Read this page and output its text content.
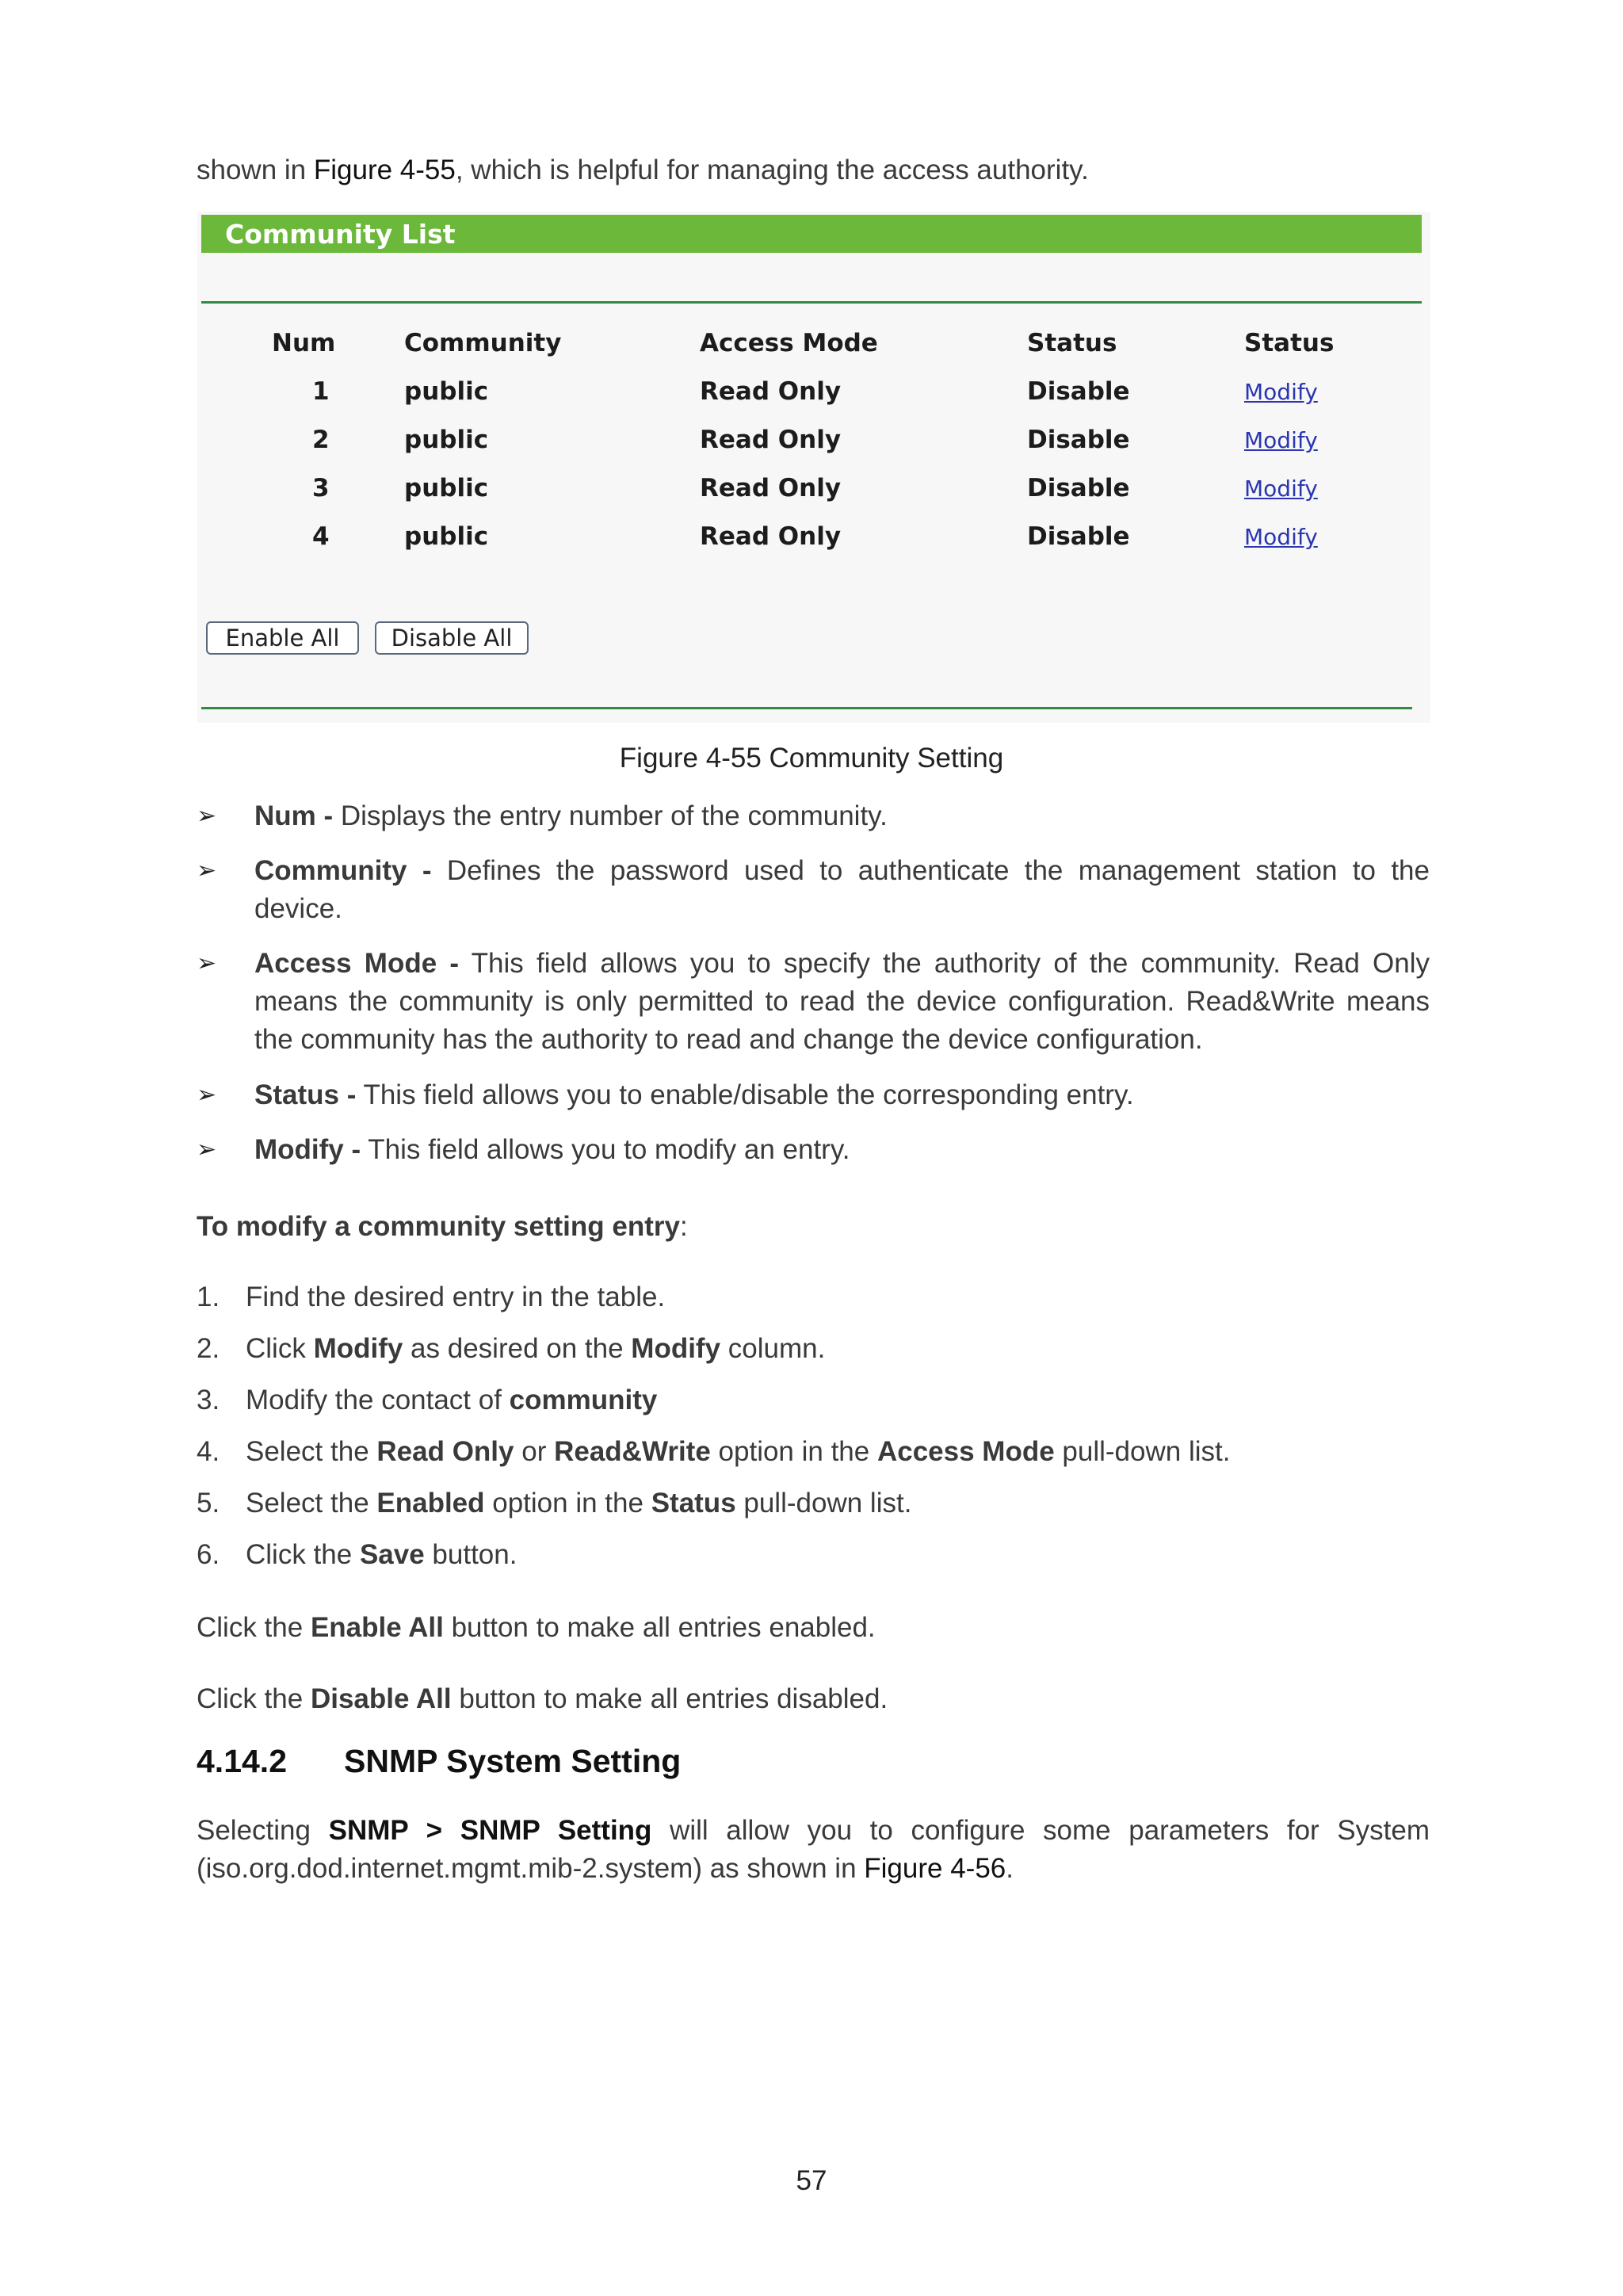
shown in Figure 4-55, which is helpful for managing the access authority.
Community List
Num	Community	Access Mode	Status	Status
1	public	Read Only	Disable	Modify
2	public	Read Only	Disable	Modify
3	public	Read Only	Disable	Modify
4	public	Read Only	Disable	Modify
Enable All	Disable All
Figure 4-55 Community Setting
➢ Num - Displays the entry number of the community.
➢ Community - Defines the password used to authenticate the management station to the device.
➢ Access Mode - This field allows you to specify the authority of the community. Read Only means the community is only permitted to read the device configuration. Read&Write means the community has the authority to read and change the device configuration.
➢ Status - This field allows you to enable/disable the corresponding entry.
➢ Modify - This field allows you to modify an entry.
To modify a community setting entry:
1. Find the desired entry in the table.
2. Click Modify as desired on the Modify column.
3. Modify the contact of community
4. Select the Read Only or Read&Write option in the Access Mode pull-down list.
5. Select the Enabled option in the Status pull-down list.
6. Click the Save button.
Click the Enable All button to make all entries enabled.
Click the Disable All button to make all entries disabled.
4.14.2 SNMP System Setting
Selecting SNMP > SNMP Setting will allow you to configure some parameters for System (iso.org.dod.internet.mgmt.mib-2.system) as shown in Figure 4-56.
57
